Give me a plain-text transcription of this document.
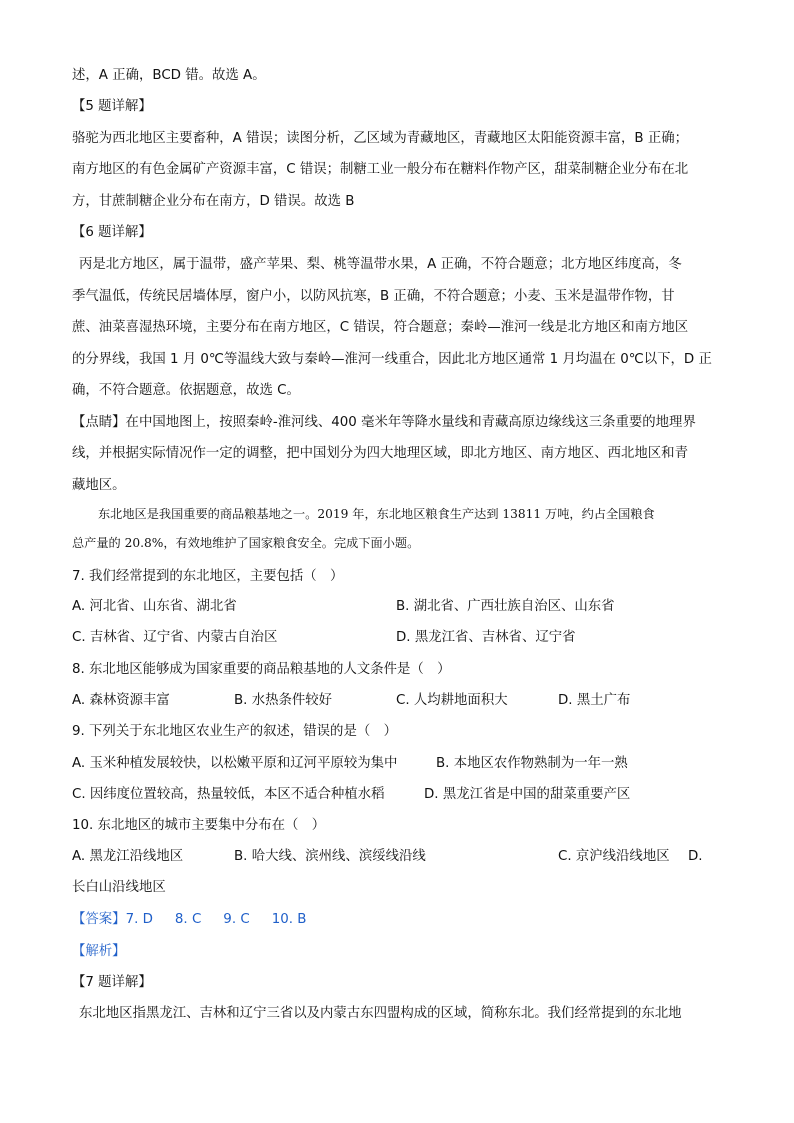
述，A 正确，BCD 错。故选 A。
【5 题详解】
骆驼为西北地区主要畜种，A 错误；读图分析，乙区域为青藏地区，青藏地区太阳能资源丰富，B 正确；
南方地区的有色金属矿产资源丰富，C 错误；制糖工业一般分布在糖料作物产区，甜菜制糖企业分布在北
方，甘蔗制糖企业分布在南方，D 错误。故选 B
【6 题详解】
丙是北方地区，属于温带，盛产苹果、梨、桃等温带水果，A 正确，不符合题意；北方地区纬度高，冬
季气温低，传统民居墙体厚，窗户小，以防风抗寒，B 正确，不符合题意；小麦、玉米是温带作物，甘
蔗、油菜喜湿热环境，主要分布在南方地区，C 错误，符合题意；秦岭—淮河一线是北方地区和南方地区
的分界线，我国 1 月 0℃等温线大致与秦岭—淮河一线重合，因此北方地区通常 1 月均温在 0℃以下，D 正
确，不符合题意。依据题意，故选 C。
【点睛】在中国地图上，按照秦岭-淮河线、400 毫米年等降水量线和青藏高原边缘线这三条重要的地理界
线，并根据实际情况作一定的调整，把中国划分为四大地理区域，即北方地区、南方地区、西北地区和青
藏地区。
东北地区是我国重要的商品粮基地之一。2019 年，东北地区粮食生产达到 13811 万吨，约占全国粮食
总产量的 20.8%，有效地维护了国家粮食安全。完成下面小题。
7. 我们经常提到的东北地区，主要包括（　）
A. 河北省、山东省、湖北省	B. 湖北省、广西壮族自治区、山东省
C. 吉林省、辽宁省、内蒙古自治区	D. 黑龙江省、吉林省、辽宁省
8. 东北地区能够成为国家重要的商品粮基地的人文条件是（　）
A. 森林资源丰富	B. 水热条件较好	C. 人均耕地面积大	D. 黑土广布
9. 下列关于东北地区农业生产的叙述，错误的是（　）
A. 玉米种植发展较快，以松嫩平原和辽河平原较为集中	B. 本地区农作物熟制为一年一熟
C. 因纬度位置较高，热量较低，本区不适合种植水稻	D. 黑龙江省是中国的甜菜重要产区
10. 东北地区的城市主要集中分布在（　）
A. 黑龙江沿线地区	B. 哈大线、滨州线、滨绥线沿线	C. 京沪线沿线地区 D.
长白山沿线地区
【答案】7. D 8. C 9. C 10. B
【解析】
【7 题详解】
东北地区指黑龙江、吉林和辽宁三省以及内蒙古东四盟构成的区域，简称东北。我们经常提到的东北地
